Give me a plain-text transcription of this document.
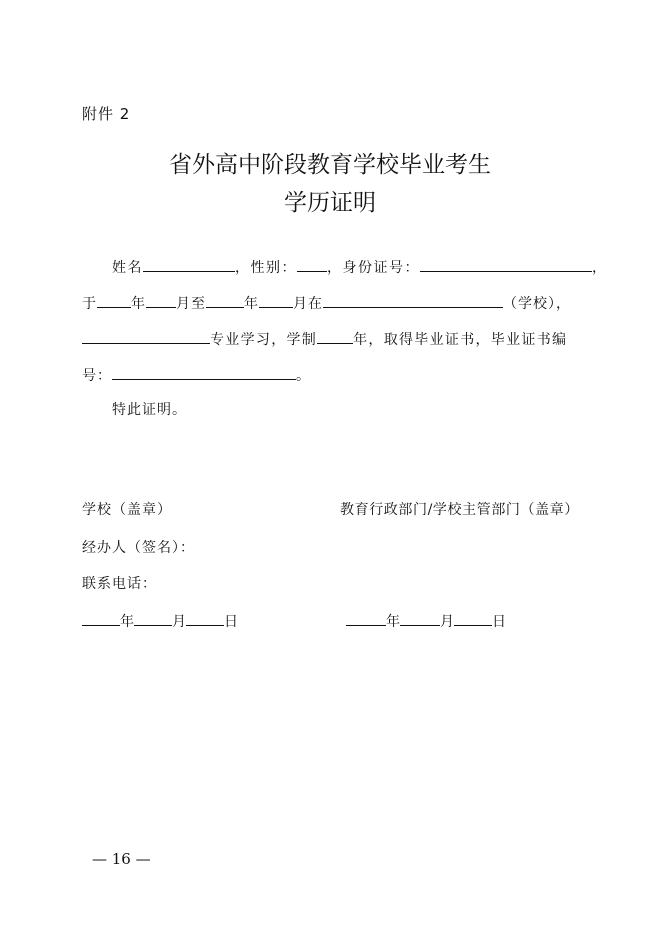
附件 2
省外高中阶段教育学校毕业考生
学历证明
姓名	，性别： ，身份证号：	，
于 年 月至	年 月在	（学校），
专业学习，学制	年，取得毕业证书，毕业证书编
号：	。
特此证明。
学校（盖章）	教育行政部门/学校主管部门（盖章）
经办人（签名）：
联系电话：
年	月	日	年	月	日
— 16 —
